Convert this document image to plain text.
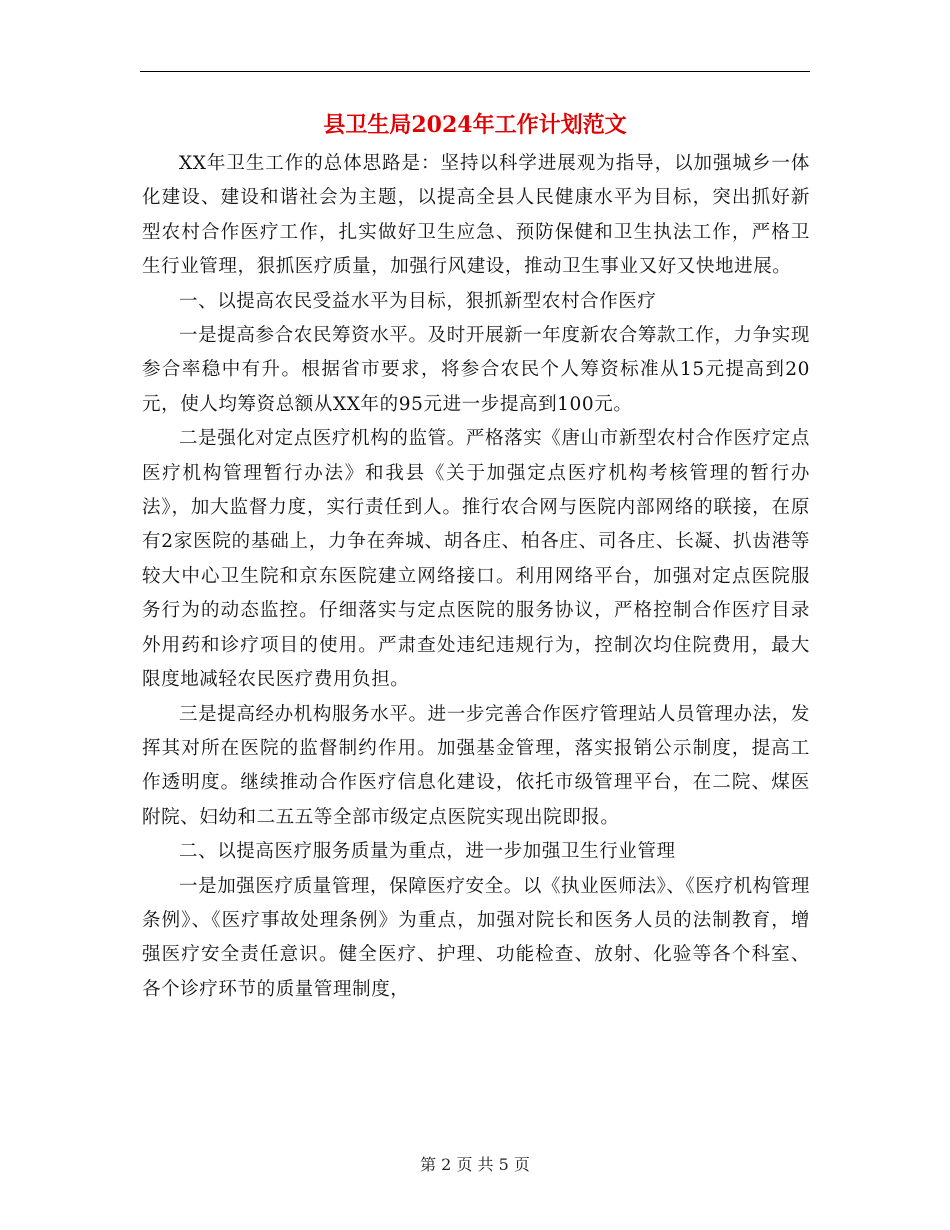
县卫生局2024年工作计划范文

XX年卫生工作的总体思路是：坚持以科学进展观为指导，以加强城乡一体化建设、建设和谐社会为主题，以提高全县人民健康水平为目标，突出抓好新型农村合作医疗工作，扎实做好卫生应急、预防保健和卫生执法工作，严格卫生行业管理，狠抓医疗质量，加强行风建设，推动卫生事业又好又快地进展。

一、以提高农民受益水平为目标，狠抓新型农村合作医疗

一是提高参合农民筹资水平。及时开展新一年度新农合筹款工作，力争实现参合率稳中有升。根据省市要求，将参合农民个人筹资标准从15元提高到20元，使人均筹资总额从XX年的95元进一步提高到100元。

二是强化对定点医疗机构的监管。严格落实《唐山市新型农村合作医疗定点医疗机构管理暂行办法》和我县《关于加强定点医疗机构考核管理的暂行办法》，加大监督力度，实行责任到人。推行农合网与医院内部网络的联接，在原有2家医院的基础上，力争在奔城、胡各庄、柏各庄、司各庄、长凝、扒齿港等较大中心卫生院和京东医院建立网络接口。利用网络平台，加强对定点医院服务行为的动态监控。仔细落实与定点医院的服务协议，严格控制合作医疗目录外用药和诊疗项目的使用。严肃查处违纪违规行为，控制次均住院费用，最大限度地减轻农民医疗费用负担。

三是提高经办机构服务水平。进一步完善合作医疗管理站人员管理办法，发挥其对所在医院的监督制约作用。加强基金管理，落实报销公示制度，提高工作透明度。继续推动合作医疗信息化建设，依托市级管理平台，在二院、煤医附院、妇幼和二五五等全部市级定点医院实现出院即报。

二、以提高医疗服务质量为重点，进一步加强卫生行业管理

一是加强医疗质量管理，保障医疗安全。以《执业医师法》、《医疗机构管理条例》、《医疗事故处理条例》为重点，加强对院长和医务人员的法制教育，增强医疗安全责任意识。健全医疗、护理、功能检查、放射、化验等各个科室、各个诊疗环节的质量管理制度，

第 2 页 共 5 页
